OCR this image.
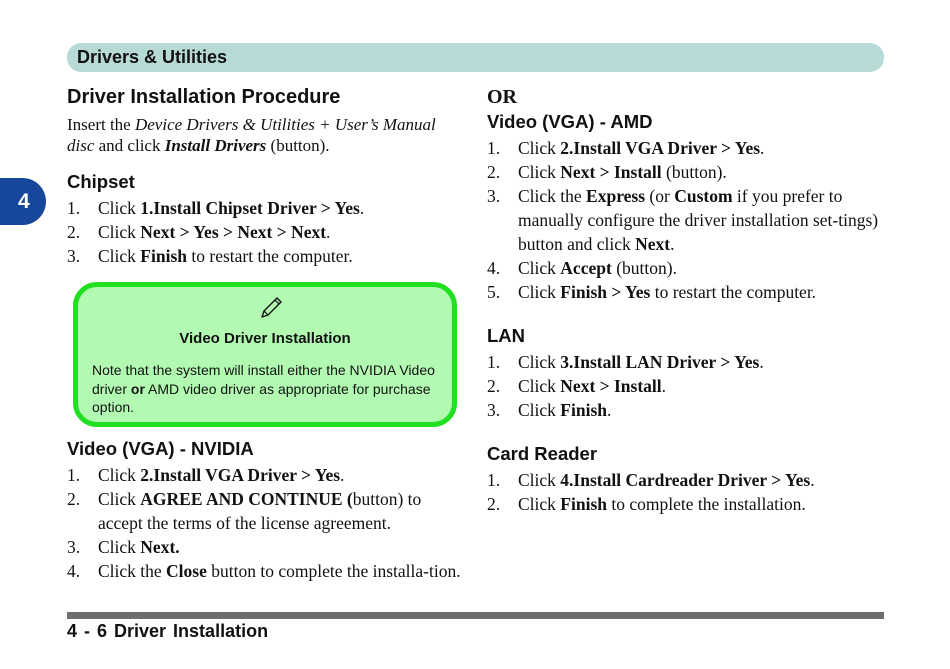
Drivers & Utilities
4
Driver Installation Procedure

Insert the Device Drivers & Utilities + User’s Manual disc and click Install Drivers (button).

Chipset
1. Click 1.Install Chipset Driver > Yes.
2. Click Next > Yes > Next > Next.
3. Click Finish to restart the computer.
Video Driver Installation
Note that the system will install either the NVIDIA Video driver or AMD video driver as appropriate for purchase option.
Video (VGA) - NVIDIA
1. Click 2.Install VGA Driver > Yes.
2. Click AGREE AND CONTINUE (button) to accept the terms of the license agreement.
3. Click Next.
4. Click the Close button to complete the installa-tion.
OR
Video (VGA) - AMD
1. Click 2.Install VGA Driver > Yes.
2. Click Next > Install (button).
3. Click the Express (or Custom if you prefer to manually configure the driver installation set-tings) button and click Next.
4. Click Accept (button).
5. Click Finish > Yes to restart the computer.
LAN
1. Click 3.Install LAN Driver > Yes.
2. Click Next > Install.
3. Click Finish.
Card Reader
1. Click 4.Install Cardreader Driver > Yes.
2. Click Finish to complete the installation.
4 - 6 Driver Installation
